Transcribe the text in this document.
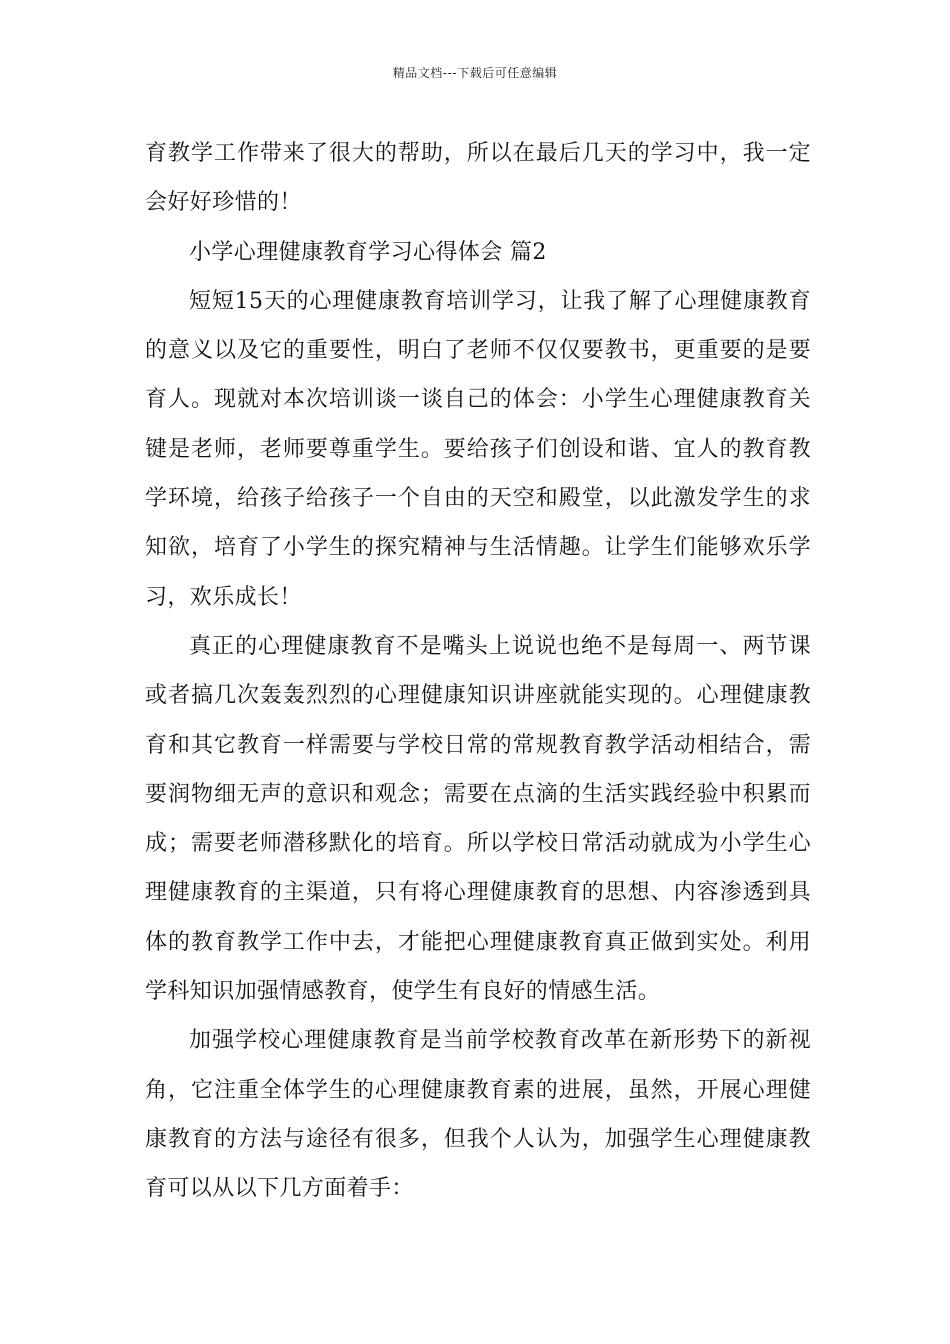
精品文档---下载后可任意编辑

育教学工作带来了很大的帮助，所以在最后几天的学习中，我一定会好好珍惜的！

小学心理健康教育学习心得体会 篇2

短短15天的心理健康教育培训学习，让我了解了心理健康教育的意义以及它的重要性，明白了老师不仅仅要教书，更重要的是要育人。现就对本次培训谈一谈自己的体会：小学生心理健康教育关键是老师，老师要尊重学生。要给孩子们创设和谐、宜人的教育教学环境，给孩子给孩子一个自由的天空和殿堂，以此激发学生的求知欲，培育了小学生的探究精神与生活情趣。让学生们能够欢乐学习，欢乐成长！

真正的心理健康教育不是嘴头上说说也绝不是每周一、两节课或者搞几次轰轰烈烈的心理健康知识讲座就能实现的。心理健康教育和其它教育一样需要与学校日常的常规教育教学活动相结合，需要润物细无声的意识和观念；需要在点滴的生活实践经验中积累而成；需要老师潜移默化的培育。所以学校日常活动就成为小学生心理健康教育的主渠道，只有将心理健康教育的思想、内容渗透到具体的教育教学工作中去，才能把心理健康教育真正做到实处。利用学科知识加强情感教育，使学生有良好的情感生活。

加强学校心理健康教育是当前学校教育改革在新形势下的新视角，它注重全体学生的心理健康教育素的进展，虽然，开展心理健康教育的方法与途径有很多，但我个人认为，加强学生心理健康教育可以从以下几方面着手：
